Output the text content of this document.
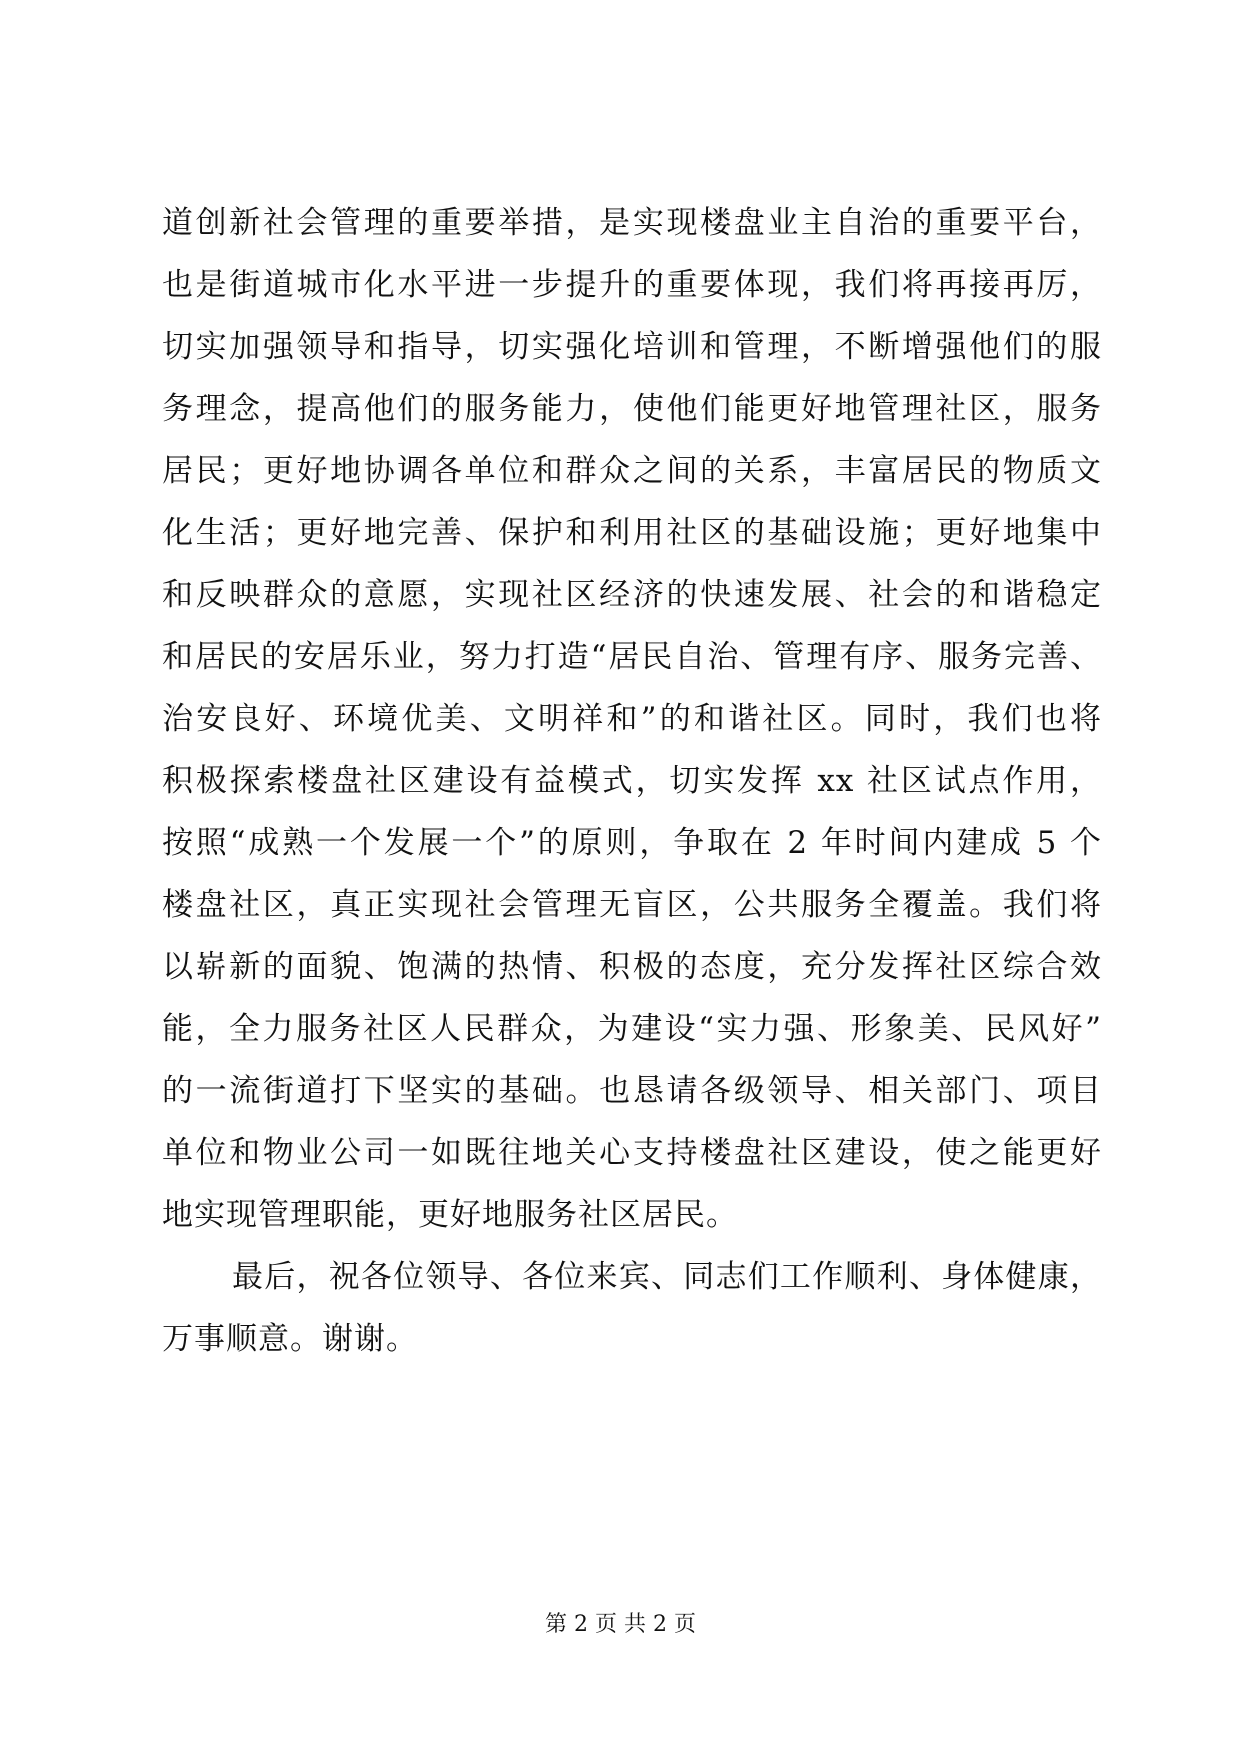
道创新社会管理的重要举措，是实现楼盘业主自治的重要平台，
也是街道城市化水平进一步提升的重要体现，我们将再接再厉，
切实加强领导和指导，切实强化培训和管理，不断增强他们的服
务理念，提高他们的服务能力，使他们能更好地管理社区，服务
居民；更好地协调各单位和群众之间的关系，丰富居民的物质文
化生活；更好地完善、保护和利用社区的基础设施；更好地集中
和反映群众的意愿，实现社区经济的快速发展、社会的和谐稳定
和居民的安居乐业，努力打造“居民自治、管理有序、服务完善、
治安良好、环境优美、文明祥和”的和谐社区。同时，我们也将
积极探索楼盘社区建设有益模式，切实发挥 xx 社区试点作用，
按照“成熟一个发展一个”的原则，争取在 2 年时间内建成 5 个
楼盘社区，真正实现社会管理无盲区，公共服务全覆盖。我们将
以崭新的面貌、饱满的热情、积极的态度，充分发挥社区综合效
能，全力服务社区人民群众，为建设“实力强、形象美、民风好”
的一流街道打下坚实的基础。也恳请各级领导、相关部门、项目
单位和物业公司一如既往地关心支持楼盘社区建设，使之能更好
地实现管理职能，更好地服务社区居民。
最后，祝各位领导、各位来宾、同志们工作顺利、身体健康，
万事顺意。谢谢。
第 2 页 共 2 页
